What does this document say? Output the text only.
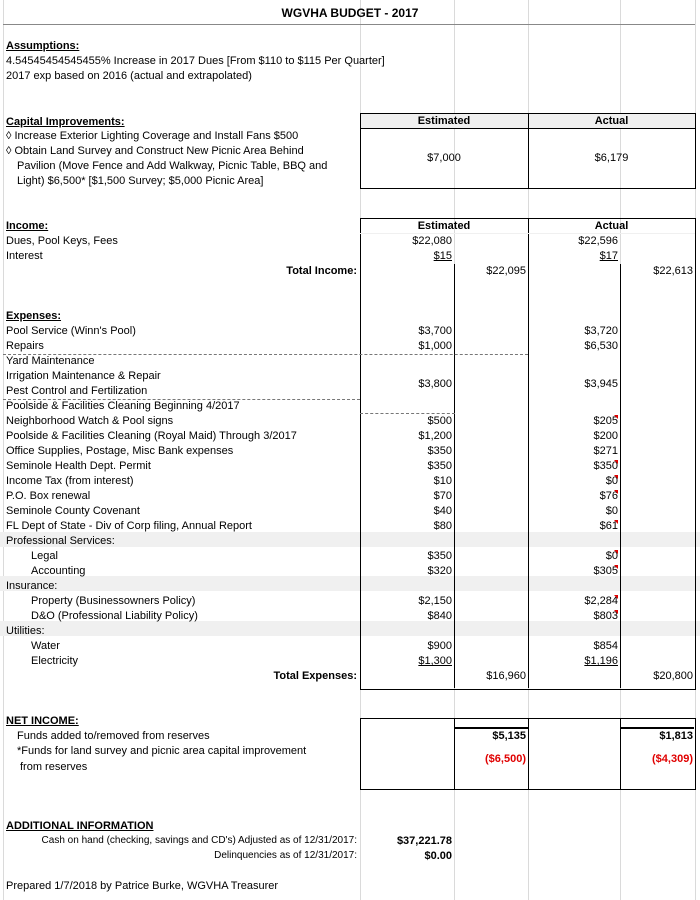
WGVHA BUDGET - 2017
Assumptions:
4.54545454545455% Increase in 2017 Dues [From $110 to $115 Per Quarter]
2017 exp based on 2016 (actual and extrapolated)
Capital Improvements:	Estimated	Actual
◊ Increase Exterior Lighting Coverage and Install Fans $500
◊ Obtain Land Survey and Construct New Picnic Area Behind
Pavilion (Move Fence and Add Walkway, Picnic Table, BBQ and
Light) $6,500* [$1,500 Survey; $5,000 Picnic Area]
$7,000	$6,179
Income:	Estimated	Actual
Dues, Pool Keys, Fees	$22,080	$22,596
Interest	$15	$17
Total Income:	$22,095	$22,613
Expenses:
Pool Service (Winn's Pool)	$3,700	$3,720
Repairs	$1,000	$6,530
Yard Maintenance
Irrigation Maintenance & Repair
Pest Control and Fertilization
$3,800	$3,945
Poolside & Facilities Cleaning Beginning 4/2017
Neighborhood Watch & Pool signs	$500	$205
Poolside & Facilities Cleaning (Royal Maid) Through 3/2017	$1,200	$200
Office Supplies, Postage, Misc Bank expenses	$350	$271
Seminole Health Dept. Permit	$350	$350
Income Tax (from interest)	$10	$0
P.O. Box renewal	$70	$76
Seminole County Covenant	$40	$0
FL Dept of State - Div of Corp filing, Annual Report	$80	$61
Professional Services:
Legal	$350	$0
Accounting	$320	$305
Insurance:
Property (Businessowners Policy)	$2,150	$2,284
D&O (Professional Liability Policy)	$840	$803
Utilities:
Water	$900	$854
Electricity	$1,300	$1,196
Total Expenses:	$16,960	$20,800
NET INCOME:
Funds added to/removed from reserves	$5,135	$1,813
*Funds for land survey and picnic area capital improvement
from reserves
($6,500)	($4,309)
ADDITIONAL INFORMATION
Cash on hand (checking, savings and CD's) Adjusted as of 12/31/2017:	$37,221.78
Delinquencies as of 12/31/2017:	$0.00
Prepared 1/7/2018 by Patrice Burke, WGVHA Treasurer
